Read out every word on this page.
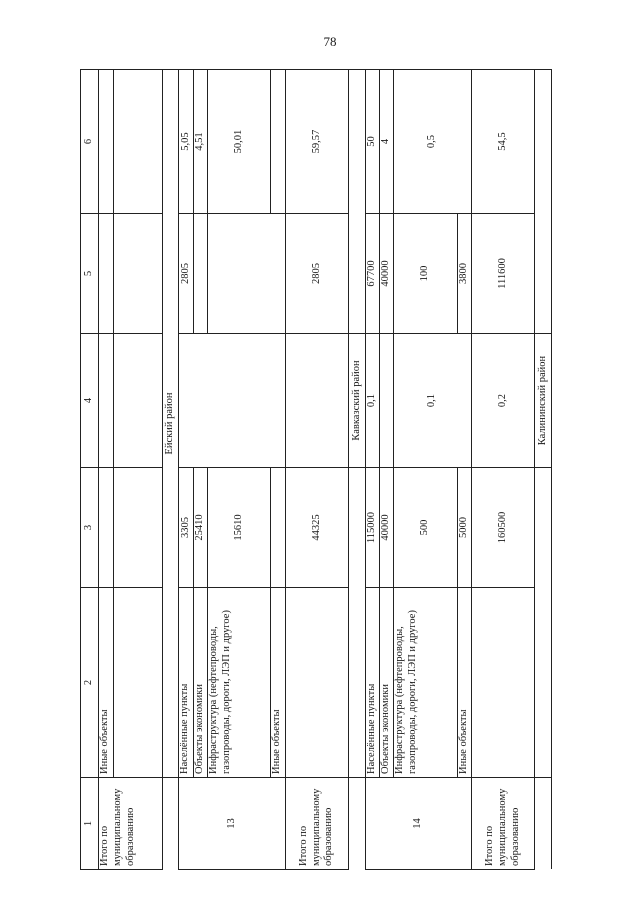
78
1	2	3	4	5	6
Итого по муниципальному образованию	Иные объекты				

	Ейский район				
13	Населённые пункты	3305		2805	5,05
	Объекты экономики	25410			4,51
	Инфраструктура (нефтепроводы, газопроводы, дороги, ЛЭП и другое)	15610			50,01
	Иные объекты				
Итого по муниципальному образованию		44325		2805	59,57
			Кавказский район		
14	Населённые пункты	115000	0,1	67700	50
	Объекты экономики	40000		40000	4
	Инфраструктура (нефтепроводы, газопроводы, дороги, ЛЭП и другое)	500	0,1	100	0,5
	Иные объекты	5000		3800	
Итого по муниципальному образованию		160500	0,2	111600	54,5
			Калининский район		
